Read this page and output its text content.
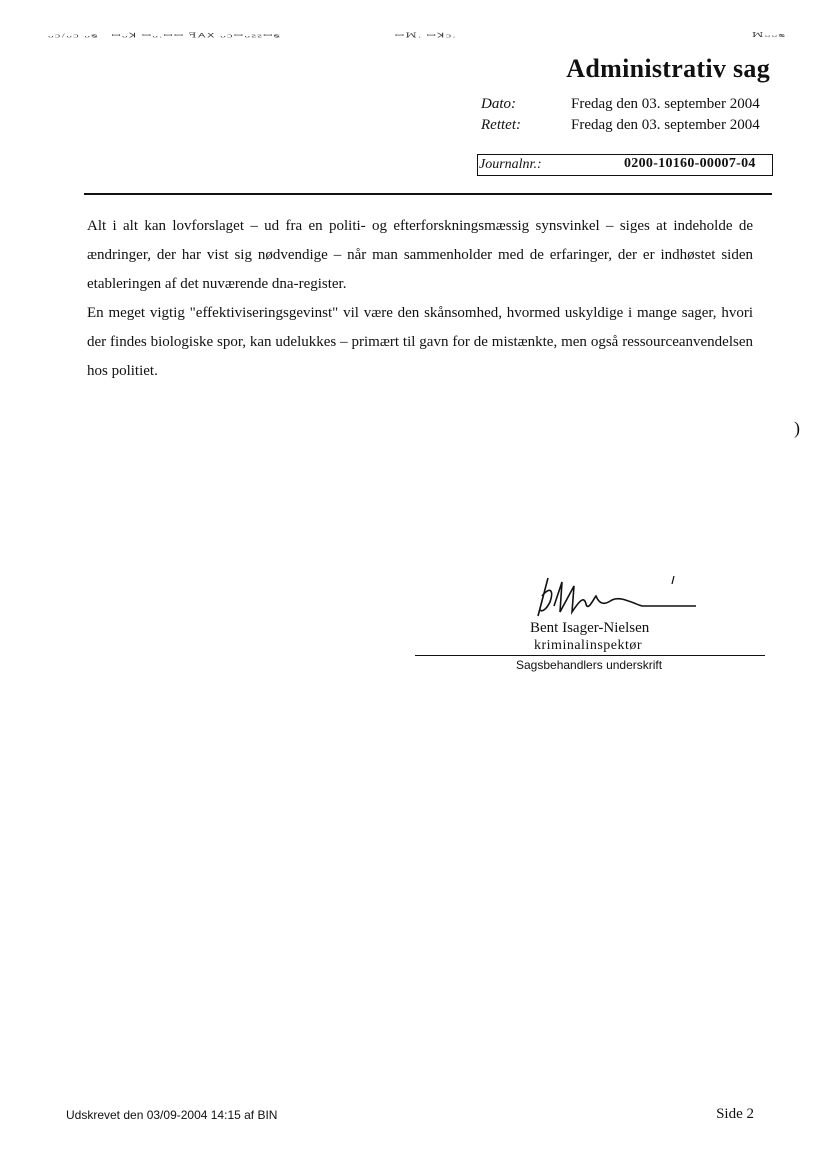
ᴗᴐ/ᴗᴐ ᴗᴓ   ꟷᴗꓘ ꟷᴗ.ꟷꟷ ꟻꓮꓫ ᴗᴐꟷᴗᴤᴤꟷᴓ	ꟷꟽ. ꟷꓘᴐ.	ꟽᴗᴗᴓ
Administrativ sag
Dato:	Fredag den 03. september 2004
Rettet:	Fredag den 03. september 2004
Journalnr.:	0200-10160-00007-04

Alt i alt kan lovforslaget – ud fra en politi- og efterforskningsmæssig synsvinkel – siges at indeholde de ændringer, der har vist sig nødvendige – når man sammenholder med de erfaringer, der er indhøstet siden etableringen af det nuværende dna-register.

En meget vigtig "effektiviseringsgevinst" vil være den skånsomhed, hvormed uskyldige i mange sager, hvori der findes biologiske spor, kan udelukkes – primært til gavn for de mistænkte, men også ressourceanvendelsen hos politiet.

)
Bent Isager-Nielsen
kriminalinspektør
Sagsbehandlers underskrift
Udskrevet den 03/09-2004 14:15 af BIN	Side 2
